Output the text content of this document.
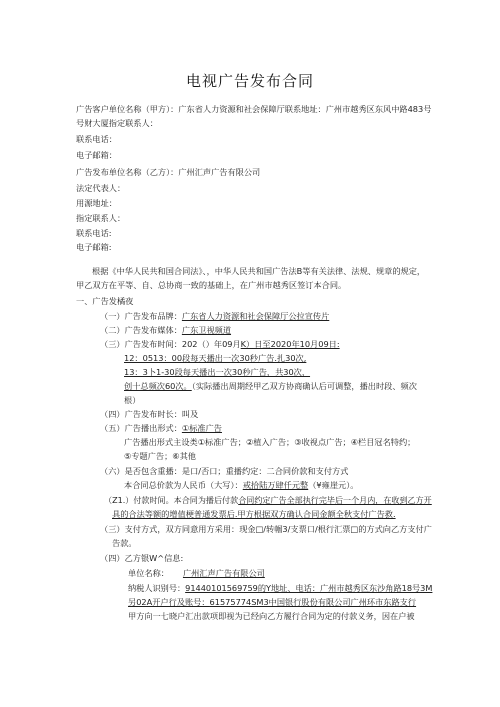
电视广告发布合同
广告客户单位名称（甲方）：广东省人力资源和社会保障厅联系地址：广州市越秀区东风中路483号
号财大厦指定联系人：
联系电话：
电子邮箱：
广告发布单位名称（乙方）：广州汇声广告有限公司
法定代表人：
用源地址：
指定联系人：
联系电话:
电子邮箱:
根据《中华人民共和国合同法》、，中华人民共和国广告法B等有关法律、法规、规章的规定，
甲乙双方在平等、自、总协商一致的基础上，在广州市越秀区签订本合同。
一、广告发橘夜
（一）广告发布品牌：广东省人力资源和社会保障厅公拉宣传片
（二）广告发布媒体：广东卫视频道
（三）广告发布时间：202（）年09月K）日至2020年10月09日:
12：0513：00段每天播出一次30秒广告.扎30次,
13：3卜1-30段每天播出一次30秒广告，共30次，
创十总频次60次。（实际播出周期经甲乙双方协商确认后可调整，播出时段、频次
根）
（四）广告发布时长：叫及
（五）广告播出形式：①标准广告
广告播出形式主设类①标准广告；②植入广告；③收视点广告；④栏目冠名特约；
⑤专题广告；⑥其他
（六）是否包含重播：是口/否口；重播约定：二合同价款和支付方式
本合同总价款为人民币（大写）：戒拾陆万肆仟元整（¥雍崖元）。
（Z1.）付款时间。本合同为播后付款合同约定广告全部执行完毕后一个月内，在收到乙方开
具的合法等额的增值梗普通发票后.甲方根据双方确认合同金额全秋支付广告救.
（三）支付方式，双方同意用方采用：现金□/转帼3/支票口/根行汇票□的方式向乙方支付广
告款。
（四）乙方银W^信息:
单位名称： 广州汇声广告有限公司
纳税人识别号：91440101569759的Y地址、电话：广州市越秀区东沙角路18号3M
另02A开户行及账号：61575774SM3中国银行股份有限公司广州环市东路支行
甲方向一七晓户汇出款项即视为已经向乙方履行合同为定的付款义务，因在户被
